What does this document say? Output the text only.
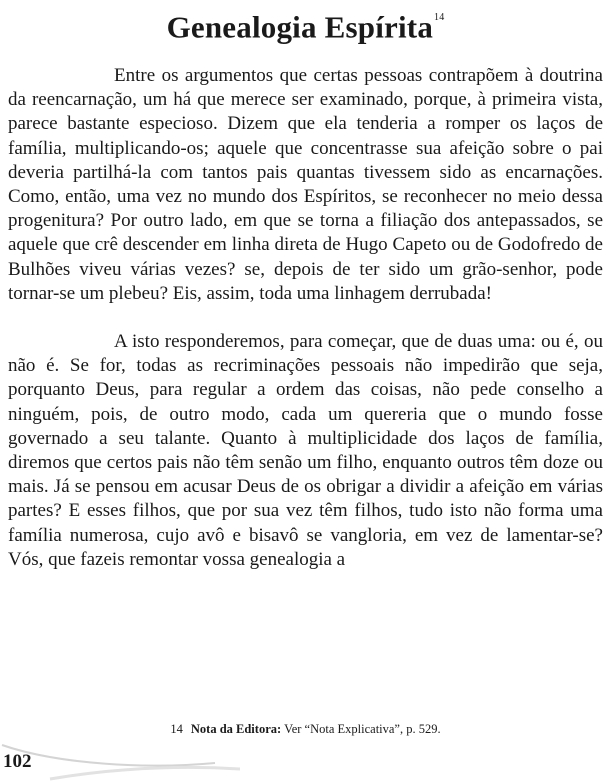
Genealogia Espírita$^{14}$

Entre os argumentos que certas pessoas contrapõem à doutrina da reencarnação, um há que merece ser examinado, porque, à primeira vista, parece bastante especioso. Dizem que ela tenderia a romper os laços de família, multiplicando-os; aquele que concentrasse sua afeição sobre o pai deveria partilhá-la com tantos pais quantas tivessem sido as encarnações. Como, então, uma vez no mundo dos Espíritos, se reconhecer no meio dessa progenitura? Por outro lado, em que se torna a filiação dos antepassados, se aquele que crê descender em linha direta de Hugo Capeto ou de Godofredo de Bulhões viveu várias vezes? se, depois de ter sido um grão-senhor, pode tornar-se um plebeu? Eis, assim, toda uma linhagem derrubada!

A isto responderemos, para começar, que de duas uma: ou é, ou não é. Se for, todas as recriminações pessoais não impedirão que seja, porquanto Deus, para regular a ordem das coisas, não pede conselho a ninguém, pois, de outro modo, cada um quereria que o mundo fosse governado a seu talante. Quanto à multiplicidade dos laços de família, diremos que certos pais não têm senão um filho, enquanto outros têm doze ou mais. Já se pensou em acusar Deus de os obrigar a dividir a afeição em várias partes? E esses filhos, que por sua vez têm filhos, tudo isto não forma uma família numerosa, cujo avô e bisavô se vangloria, em vez de lamentar-se? Vós, que fazeis remontar vossa genealogia a

14 Nota da Editora: Ver “Nota Explicativa”, p. 529.

102
